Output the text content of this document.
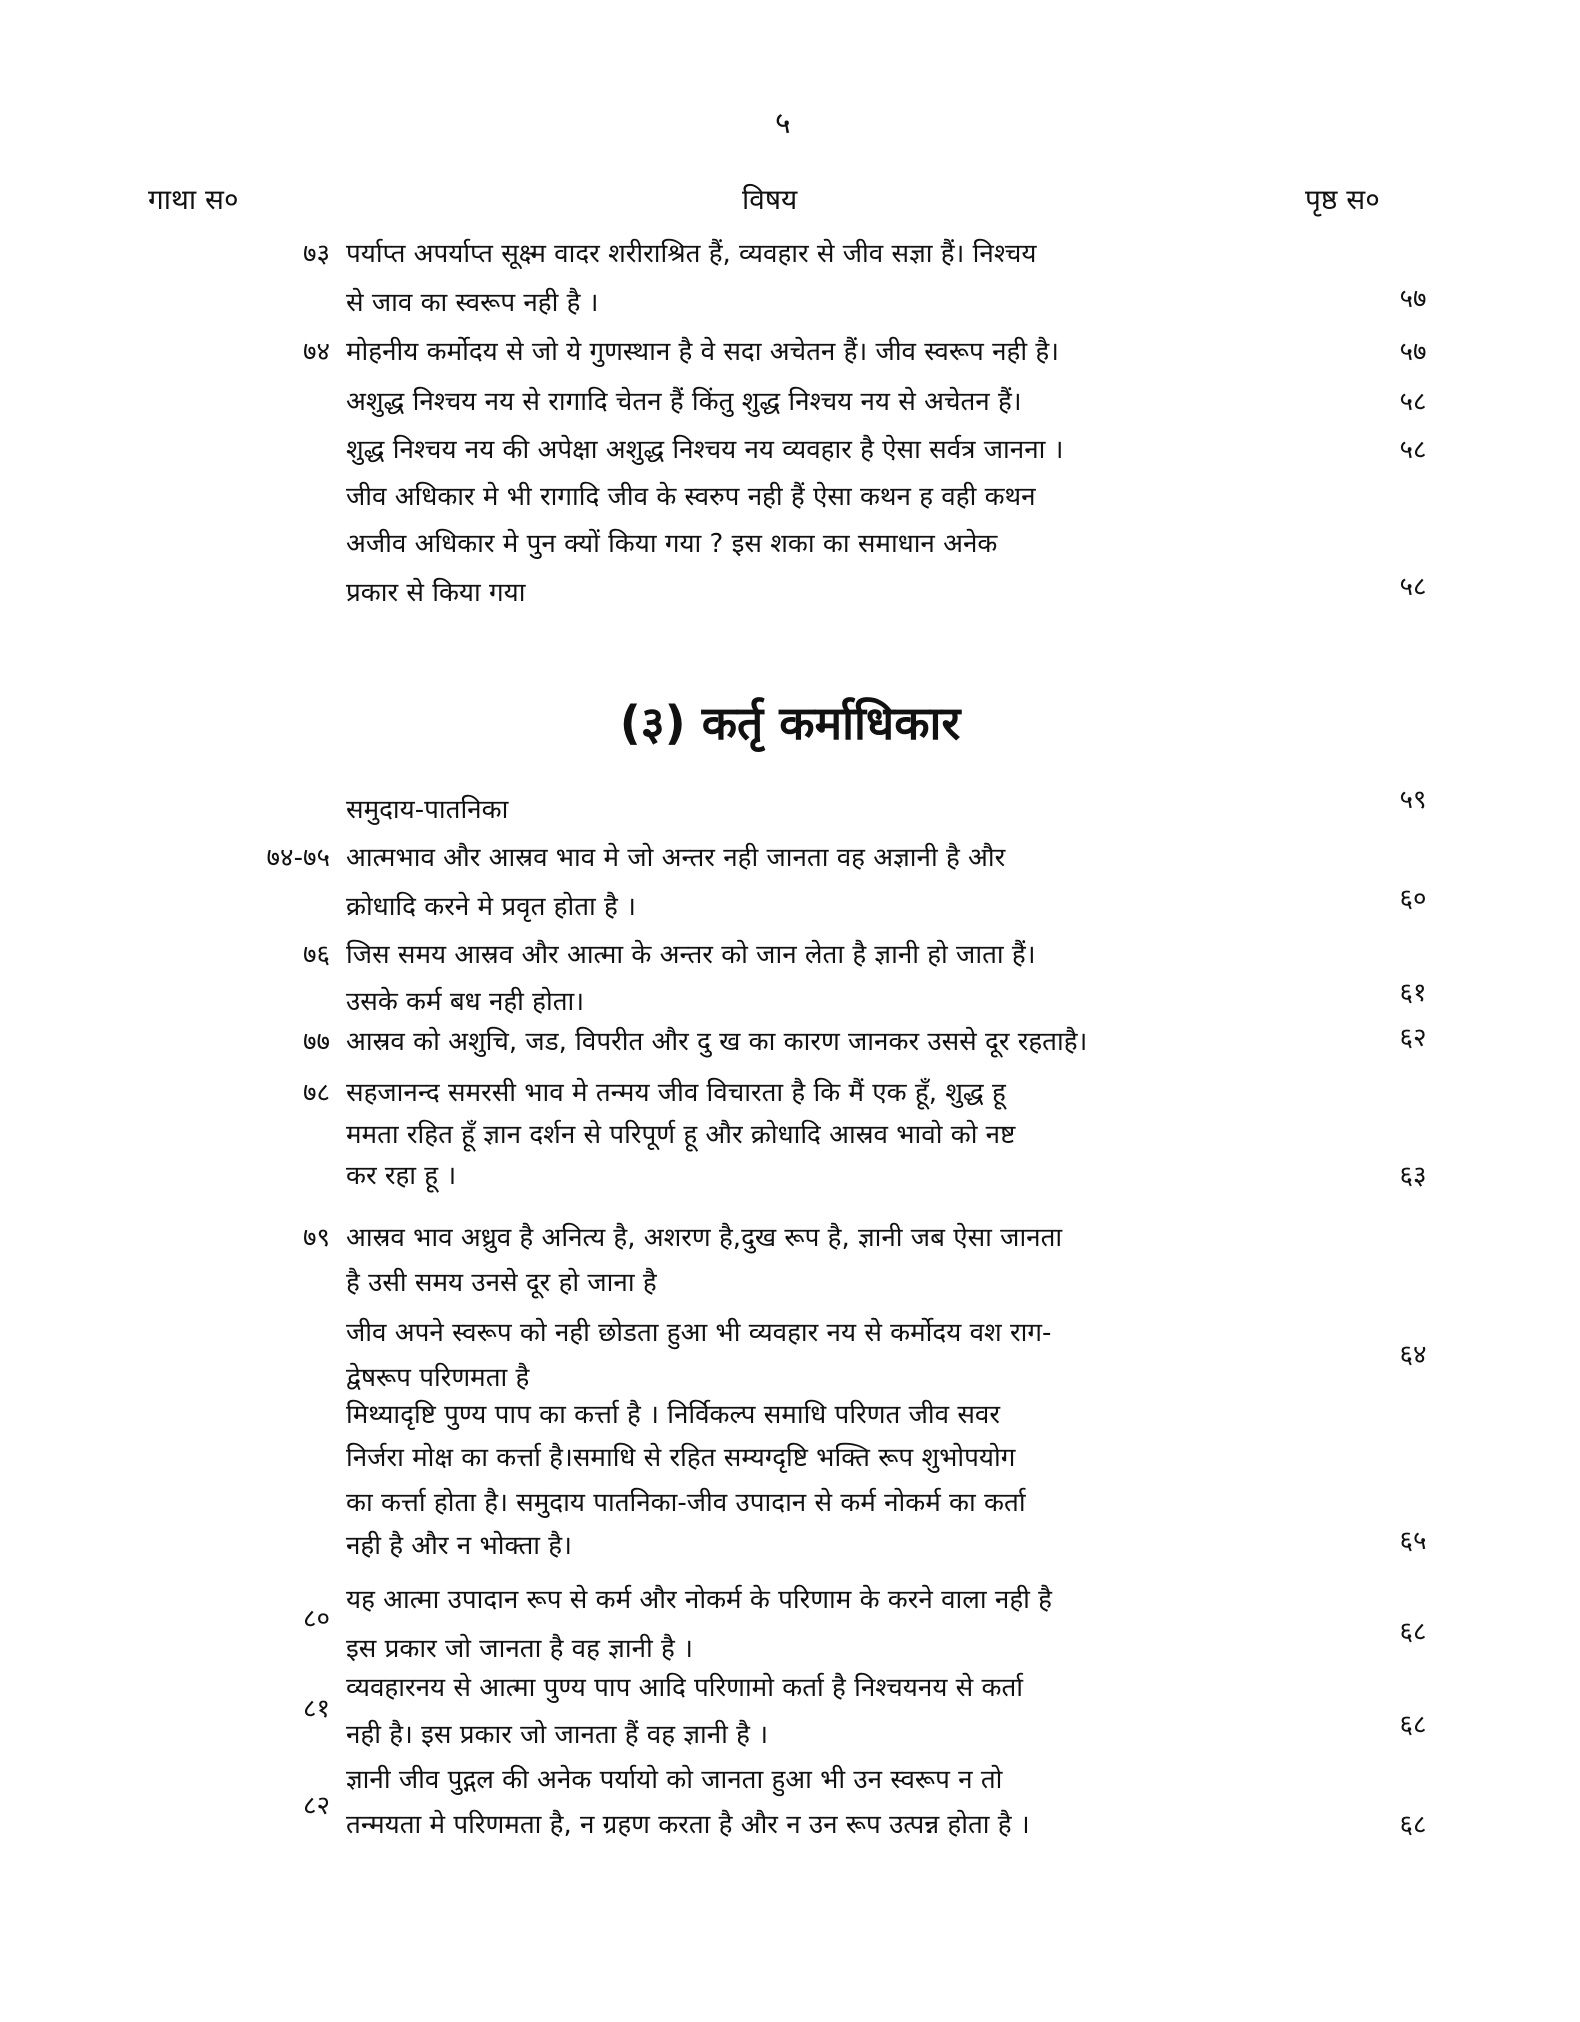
५
गाथा स०	विषय	पृष्ठ स०
(३) कर्तृ कर्माधिकार
पर्याप्त अपर्याप्त सूक्ष्म वादर शरीराश्रित हैं, व्यवहार से जीव सज्ञा हैं। निश्चय
से जाव का स्वरूप नही है ।
मोहनीय कर्मोदय से जो ये गुणस्थान है वे सदा अचेतन हैं। जीव स्वरूप नही है।
अशुद्ध निश्चय नय से रागादि चेतन हैं किंतु शुद्ध निश्चय नय से अचेतन हैं।
शुद्ध निश्चय नय की अपेक्षा अशुद्ध निश्चय नय व्यवहार है ऐसा सर्वत्र जानना ।
जीव अधिकार मे भी रागादि जीव के स्वरुप नही हैं ऐसा कथन ह वही कथन
अजीव अधिकार मे पुन क्यों किया गया ? इस शका का समाधान अनेक
प्रकार से किया गया
समुदाय-पातनिका
आत्मभाव और आस्रव भाव मे जो अन्तर नही जानता वह अज्ञानी है और
क्रोधादि करने मे प्रवृत होता है ।
जिस समय आस्रव और आत्मा के अन्तर को जान लेता है ज्ञानी हो जाता हैं।
उसके कर्म बध नही होता।
आस्रव को अशुचि, जड, विपरीत और दु ख का कारण जानकर उससे दूर रहताहै।
सहजानन्द समरसी भाव मे तन्मय जीव विचारता है कि मैं एक हूँ, शुद्ध हू
ममता रहित हूँ ज्ञान दर्शन से परिपूर्ण हू और क्रोधादि आस्रव भावो को नष्ट
कर रहा हू ।
आस्रव भाव अध्रुव है अनित्य है, अशरण है,दुख रूप है, ज्ञानी जब ऐसा जानता
है उसी समय उनसे दूर हो जाना है
जीव अपने स्वरूप को नही छोडता हुआ भी व्यवहार नय से कर्मोदय वश राग-
द्वेषरूप परिणमता है
मिथ्यादृष्टि पुण्य पाप का कर्त्ता है । निर्विकल्प समाधि परिणत जीव सवर
निर्जरा मोक्ष का कर्त्ता है।समाधि से रहित सम्यग्दृष्टि भक्ति रूप शुभोपयोग
का कर्त्ता होता है। समुदाय पातनिका-जीव उपादान से कर्म नोकर्म का कर्ता
नही है और न भोक्ता है।
यह आत्मा उपादान रूप से कर्म और नोकर्म के परिणाम के करने वाला नही है
इस प्रकार जो जानता है वह ज्ञानी है ।
व्यवहारनय से आत्मा पुण्य पाप आदि परिणामो कर्ता है निश्चयनय से कर्ता
नही है। इस प्रकार जो जानता हैं वह ज्ञानी है ।
ज्ञानी जीव पुद्गल की अनेक पर्यायो को जानता हुआ भी उन स्वरूप न तो
तन्मयता मे परिणमता है, न ग्रहण करता है और न उन रूप उत्पन्न होता है ।
७३
७४
७४-७५
७६
७७
७८
७९
८०
८१
८२
५७
५७
५८
५८
५८
५९
६०
६१
६२
६३
६४
६५
६८
६८
६८
